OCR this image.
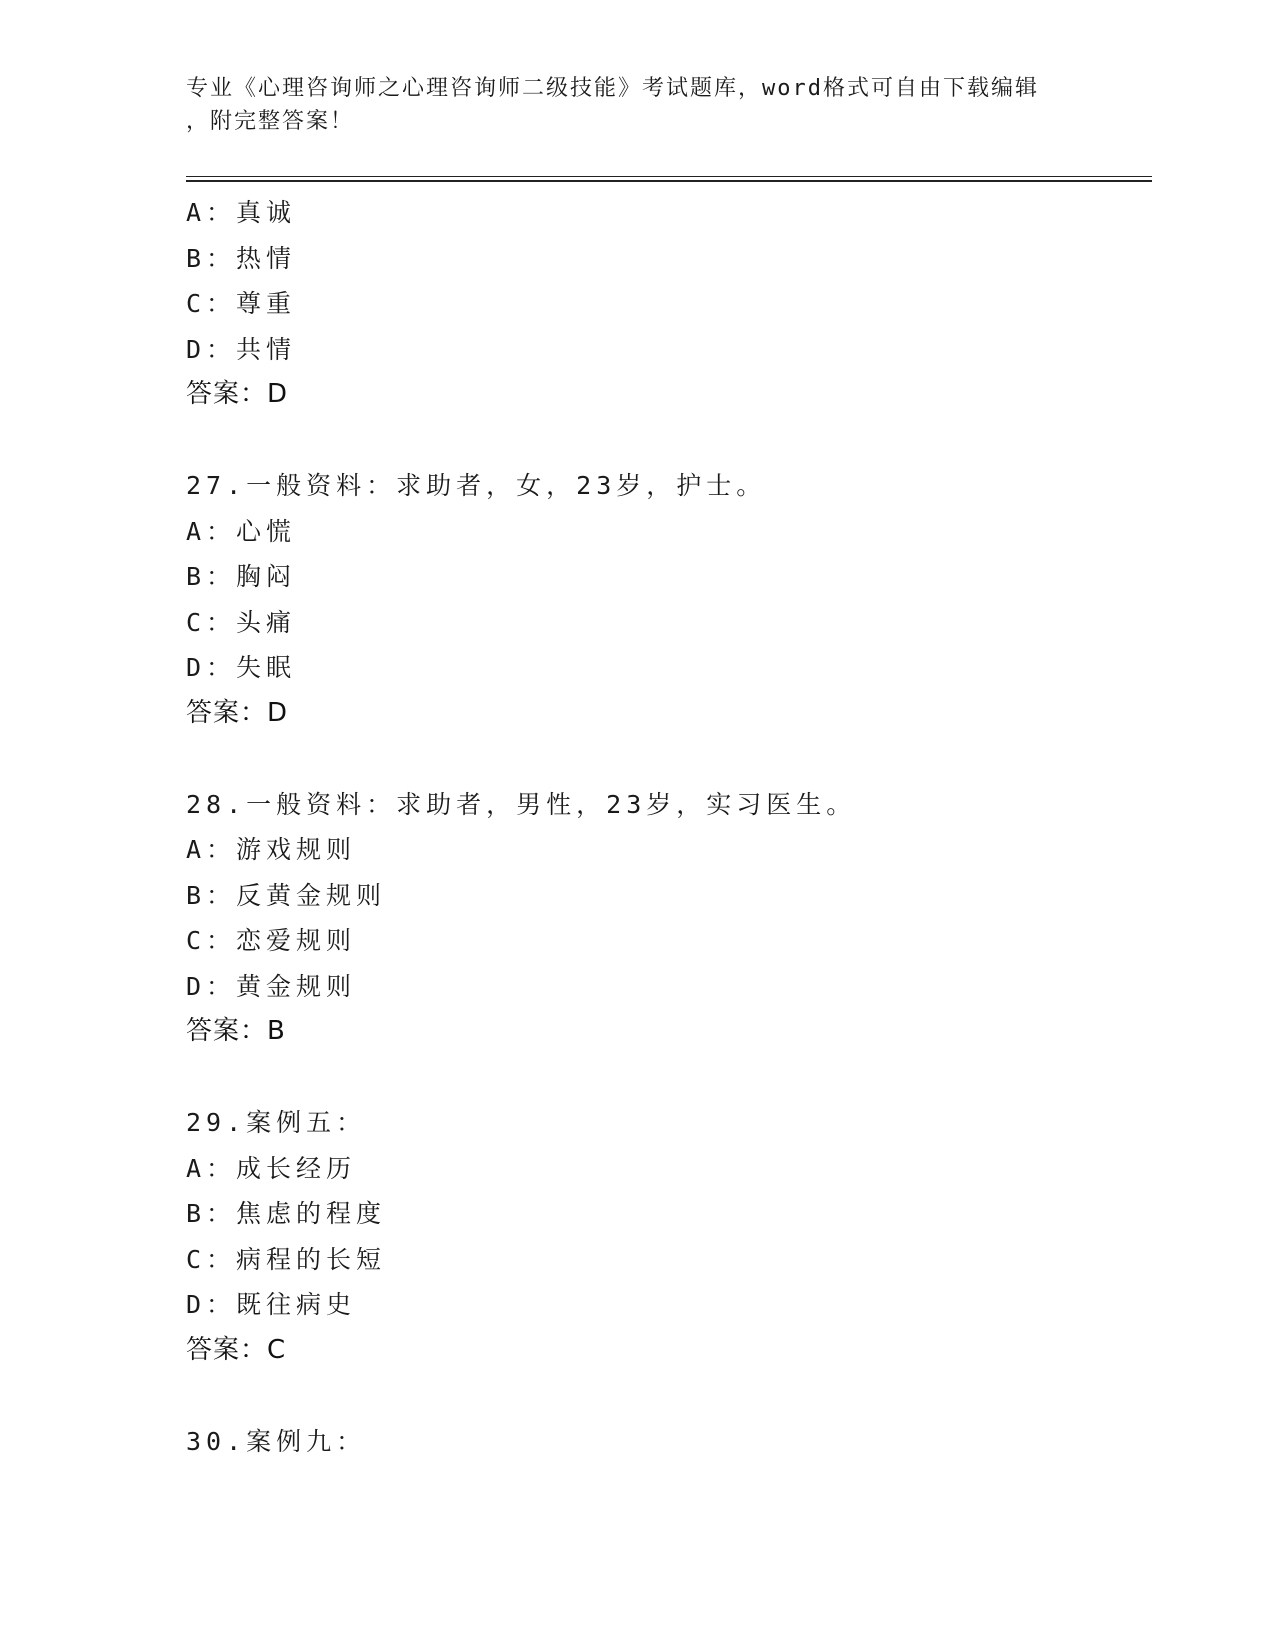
专业《心理咨询师之心理咨询师二级技能》考试题库，word格式可自由下载编辑
，附完整答案！
A：真诚
B：热情
C：尊重
D：共情
答案：D
27.一般资料：求助者，女，23岁，护士。
A：心慌
B：胸闷
C：头痛
D：失眠
答案：D
28.一般资料：求助者，男性，23岁，实习医生。
A：游戏规则
B：反黄金规则
C：恋爱规则
D：黄金规则
答案：B
29.案例五：
A：成长经历
B：焦虑的程度
C：病程的长短
D：既往病史
答案：C
30.案例九：
